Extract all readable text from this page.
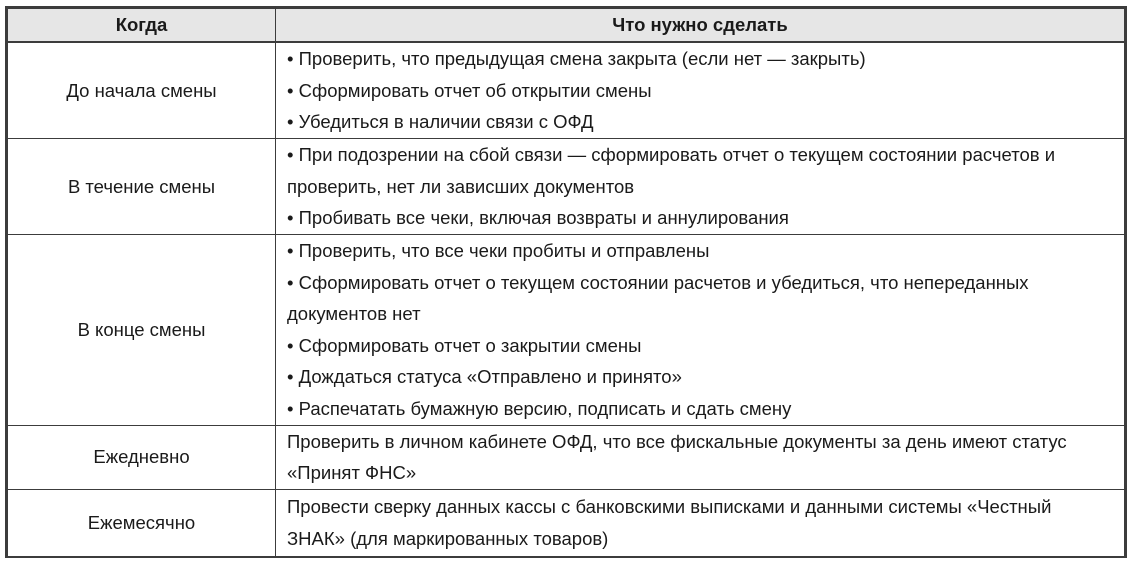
Когда	Что нужно сделать
До начала смены	• Проверить, что предыдущая смена закрыта (если нет — закрыть)
• Сформировать отчет об открытии смены
• Убедиться в наличии связи с ОФД

В течение смены	• При подозрении на сбой связи — сформировать отчет о текущем состоянии расчетов и проверить, нет ли зависших документов
• Пробивать все чеки, включая возвраты и аннулирования

В конце смены	• Проверить, что все чеки пробиты и отправлены
• Сформировать отчет о текущем состоянии расчетов и убедиться, что непереданных документов нет
• Сформировать отчет о закрытии смены
• Дождаться статуса «Отправлено и принято»
• Распечатать бумажную версию, подписать и сдать смену

Ежедневно	Проверить в личном кабинете ОФД, что все фискальные документы за день имеют статус «Принят ФНС»

Ежемесячно	Провести сверку данных кассы с банковскими выписками и данными системы «Честный ЗНАК» (для маркированных товаров)
